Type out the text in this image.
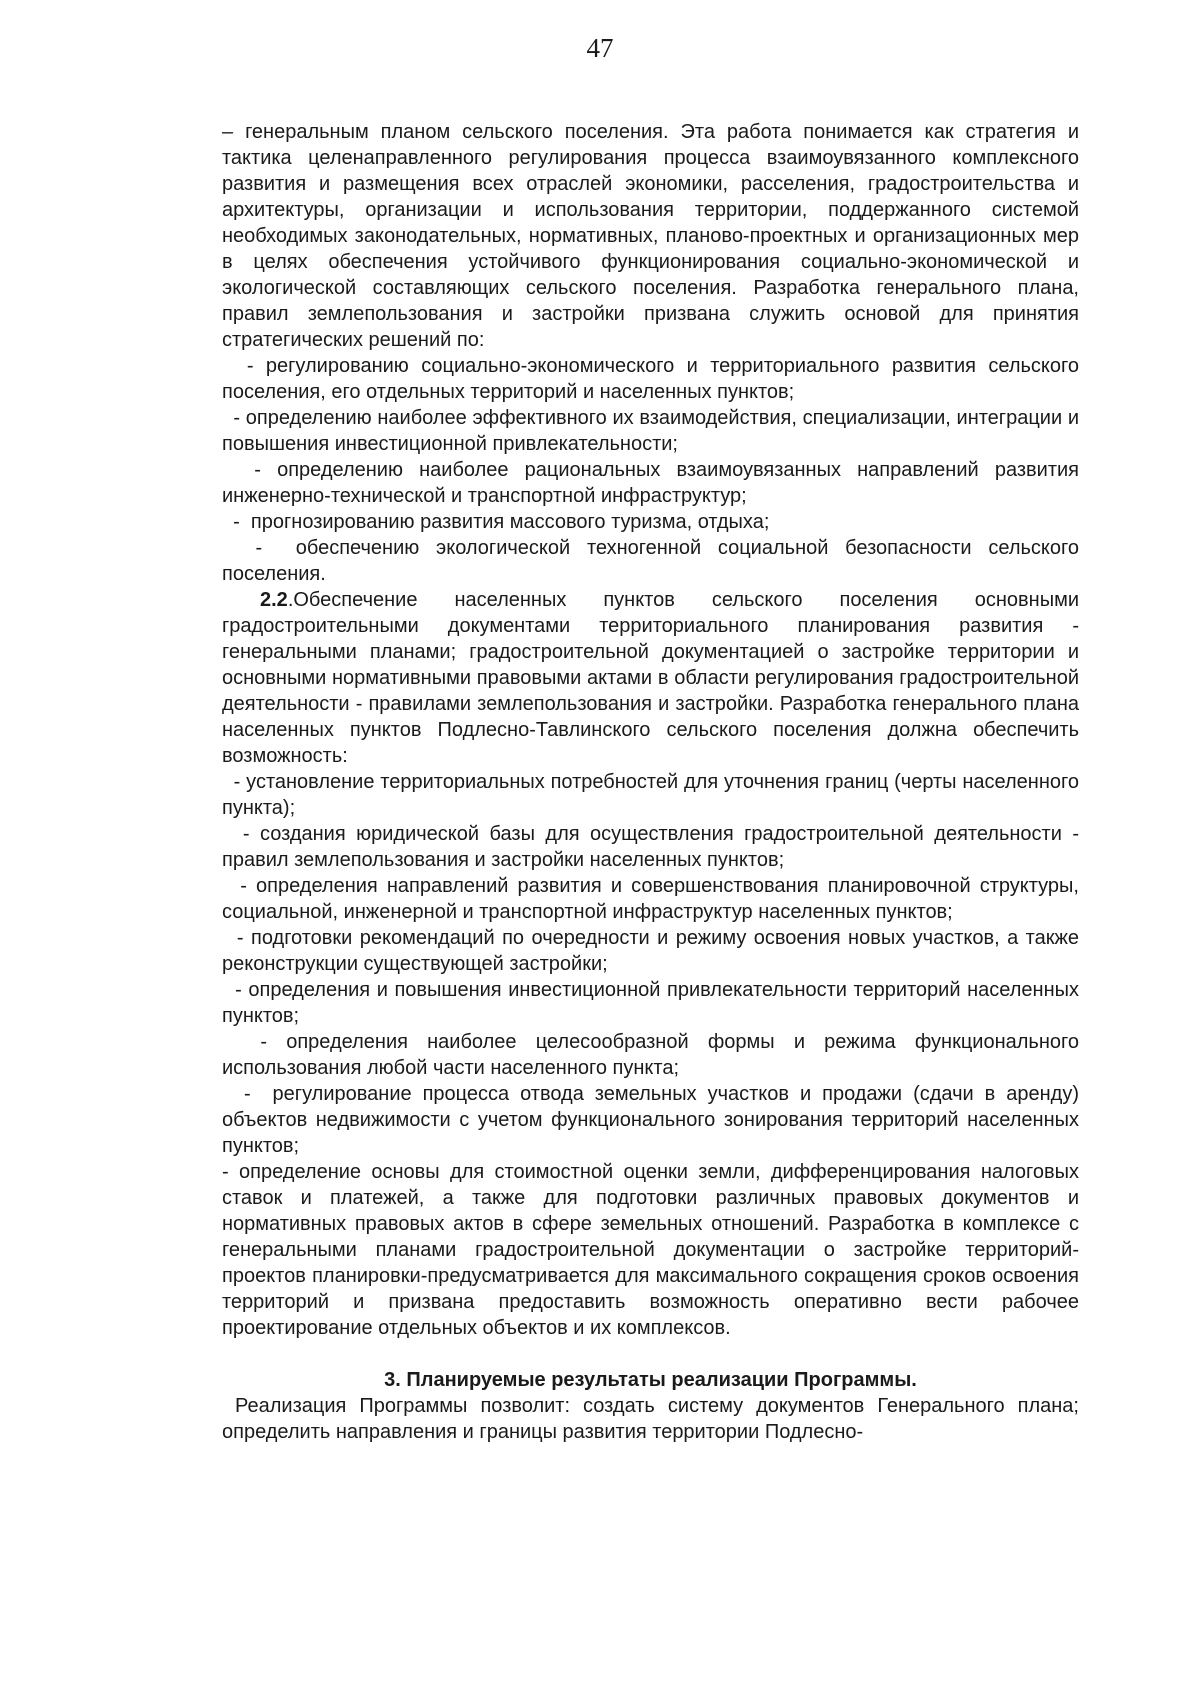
47

– генеральным планом сельского поселения. Эта работа понимается как стратегия и тактика целенаправленного регулирования процесса взаимоувязанного комплексного развития и размещения всех отраслей экономики, расселения, градостроительства и архитектуры, организации и использования территории, поддержанного системой необходимых законодательных, нормативных, планово-проектных и организационных мер в целях обеспечения устойчивого функционирования социально-экономической и экологической составляющих сельского поселения. Разработка генерального плана, правил землепользования и застройки призвана служить основой для принятия стратегических решений по:

- регулированию социально-экономического и территориального развития сельского поселения, его отдельных территорий и населенных пунктов;

- определению наиболее эффективного их взаимодействия, специализации, интеграции и повышения инвестиционной привлекательности;

- определению наиболее рациональных взаимоувязанных направлений развития инженерно-технической и транспортной инфраструктур;

-  прогнозированию развития массового туризма, отдыха;

-  обеспечению экологической техногенной социальной безопасности сельского поселения.

2.2.Обеспечение населенных пунктов сельского поселения основными градостроительными документами территориального планирования развития - генеральными планами; градостроительной документацией о застройке территории и основными нормативными правовыми актами в области регулирования градостроительной деятельности - правилами землепользования и застройки. Разработка генерального плана населенных пунктов Подлесно-Тавлинского сельского поселения должна обеспечить возможность:

- установление территориальных потребностей для уточнения границ (черты населенного пункта);

- создания юридической базы для осуществления градостроительной деятельности - правил землепользования и застройки населенных пунктов;

- определения направлений развития и совершенствования планировочной структуры, социальной, инженерной и транспортной инфраструктур населенных пунктов;

- подготовки рекомендаций по очередности и режиму освоения новых участков, а также реконструкции существующей застройки;

- определения и повышения инвестиционной привлекательности территорий населенных пунктов;

- определения наиболее целесообразной формы и режима функционального использования любой части населенного пункта;

-  регулирование процесса отвода земельных участков и продажи (сдачи в аренду) объектов недвижимости с учетом функционального зонирования территорий населенных пунктов;

- определение основы для стоимостной оценки земли, дифференцирования налоговых ставок и платежей, а также для подготовки различных правовых документов и нормативных правовых актов в сфере земельных отношений. Разработка в комплексе с генеральными планами градостроительной документации о застройке территорий-проектов планировки-предусматривается для максимального сокращения сроков освоения территорий и призвана предоставить возможность оперативно вести рабочее проектирование отдельных объектов и их комплексов.

3. Планируемые результаты реализации Программы.

Реализация Программы позволит: создать систему документов Генерального плана; определить направления и границы развития территории Подлесно-
